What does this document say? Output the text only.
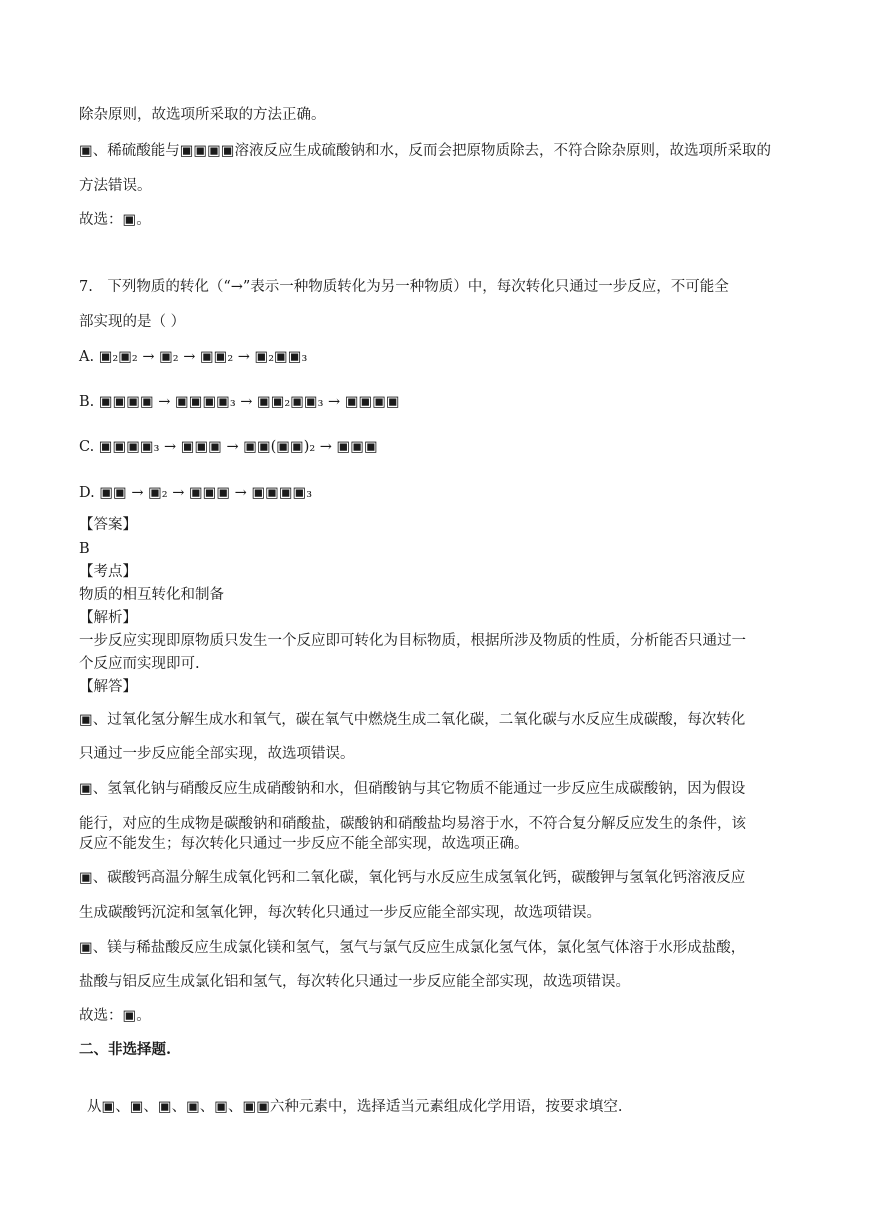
除杂原则，故选项所采取的方法正确。
▣、稀硫酸能与▣▣▣▣溶液反应生成硫酸钠和水，反而会把原物质除去，不符合除杂原则，故选项所采取的
方法错误。
故选：▣。
7.　下列物质的转化（“→”表示一种物质转化为另一种物质）中，每次转化只通过一步反应，不可能全
部实现的是（ ）
A. ▣₂▣₂ → ▣₂ → ▣▣₂ → ▣₂▣▣₃
B. ▣▣▣▣ → ▣▣▣▣₃ → ▣▣₂▣▣₃ → ▣▣▣▣
C. ▣▣▣▣₃ → ▣▣▣ → ▣▣(▣▣)₂ → ▣▣▣
D. ▣▣ → ▣₂ → ▣▣▣ → ▣▣▣▣₃
【答案】
B
【考点】
物质的相互转化和制备
【解析】
一步反应实现即原物质只发生一个反应即可转化为目标物质，根据所涉及物质的性质，分析能否只通过一
个反应而实现即可.
【解答】
▣、过氧化氢分解生成水和氧气，碳在氧气中燃烧生成二氧化碳，二氧化碳与水反应生成碳酸，每次转化
只通过一步反应能全部实现，故选项错误。
▣、氢氧化钠与硝酸反应生成硝酸钠和水，但硝酸钠与其它物质不能通过一步反应生成碳酸钠，因为假设
能行，对应的生成物是碳酸钠和硝酸盐，碳酸钠和硝酸盐均易溶于水，不符合复分解反应发生的条件，该
反应不能发生；每次转化只通过一步反应不能全部实现，故选项正确。
▣、碳酸钙高温分解生成氧化钙和二氧化碳，氧化钙与水反应生成氢氧化钙，碳酸钾与氢氧化钙溶液反应
生成碳酸钙沉淀和氢氧化钾，每次转化只通过一步反应能全部实现，故选项错误。
▣、镁与稀盐酸反应生成氯化镁和氢气，氢气与氯气反应生成氯化氢气体，氯化氢气体溶于水形成盐酸，
盐酸与铝反应生成氯化铝和氢气，每次转化只通过一步反应能全部实现，故选项错误。
故选：▣。
二、非选择题.
从▣、▣、▣、▣、▣、▣▣六种元素中，选择适当元素组成化学用语，按要求填空.
